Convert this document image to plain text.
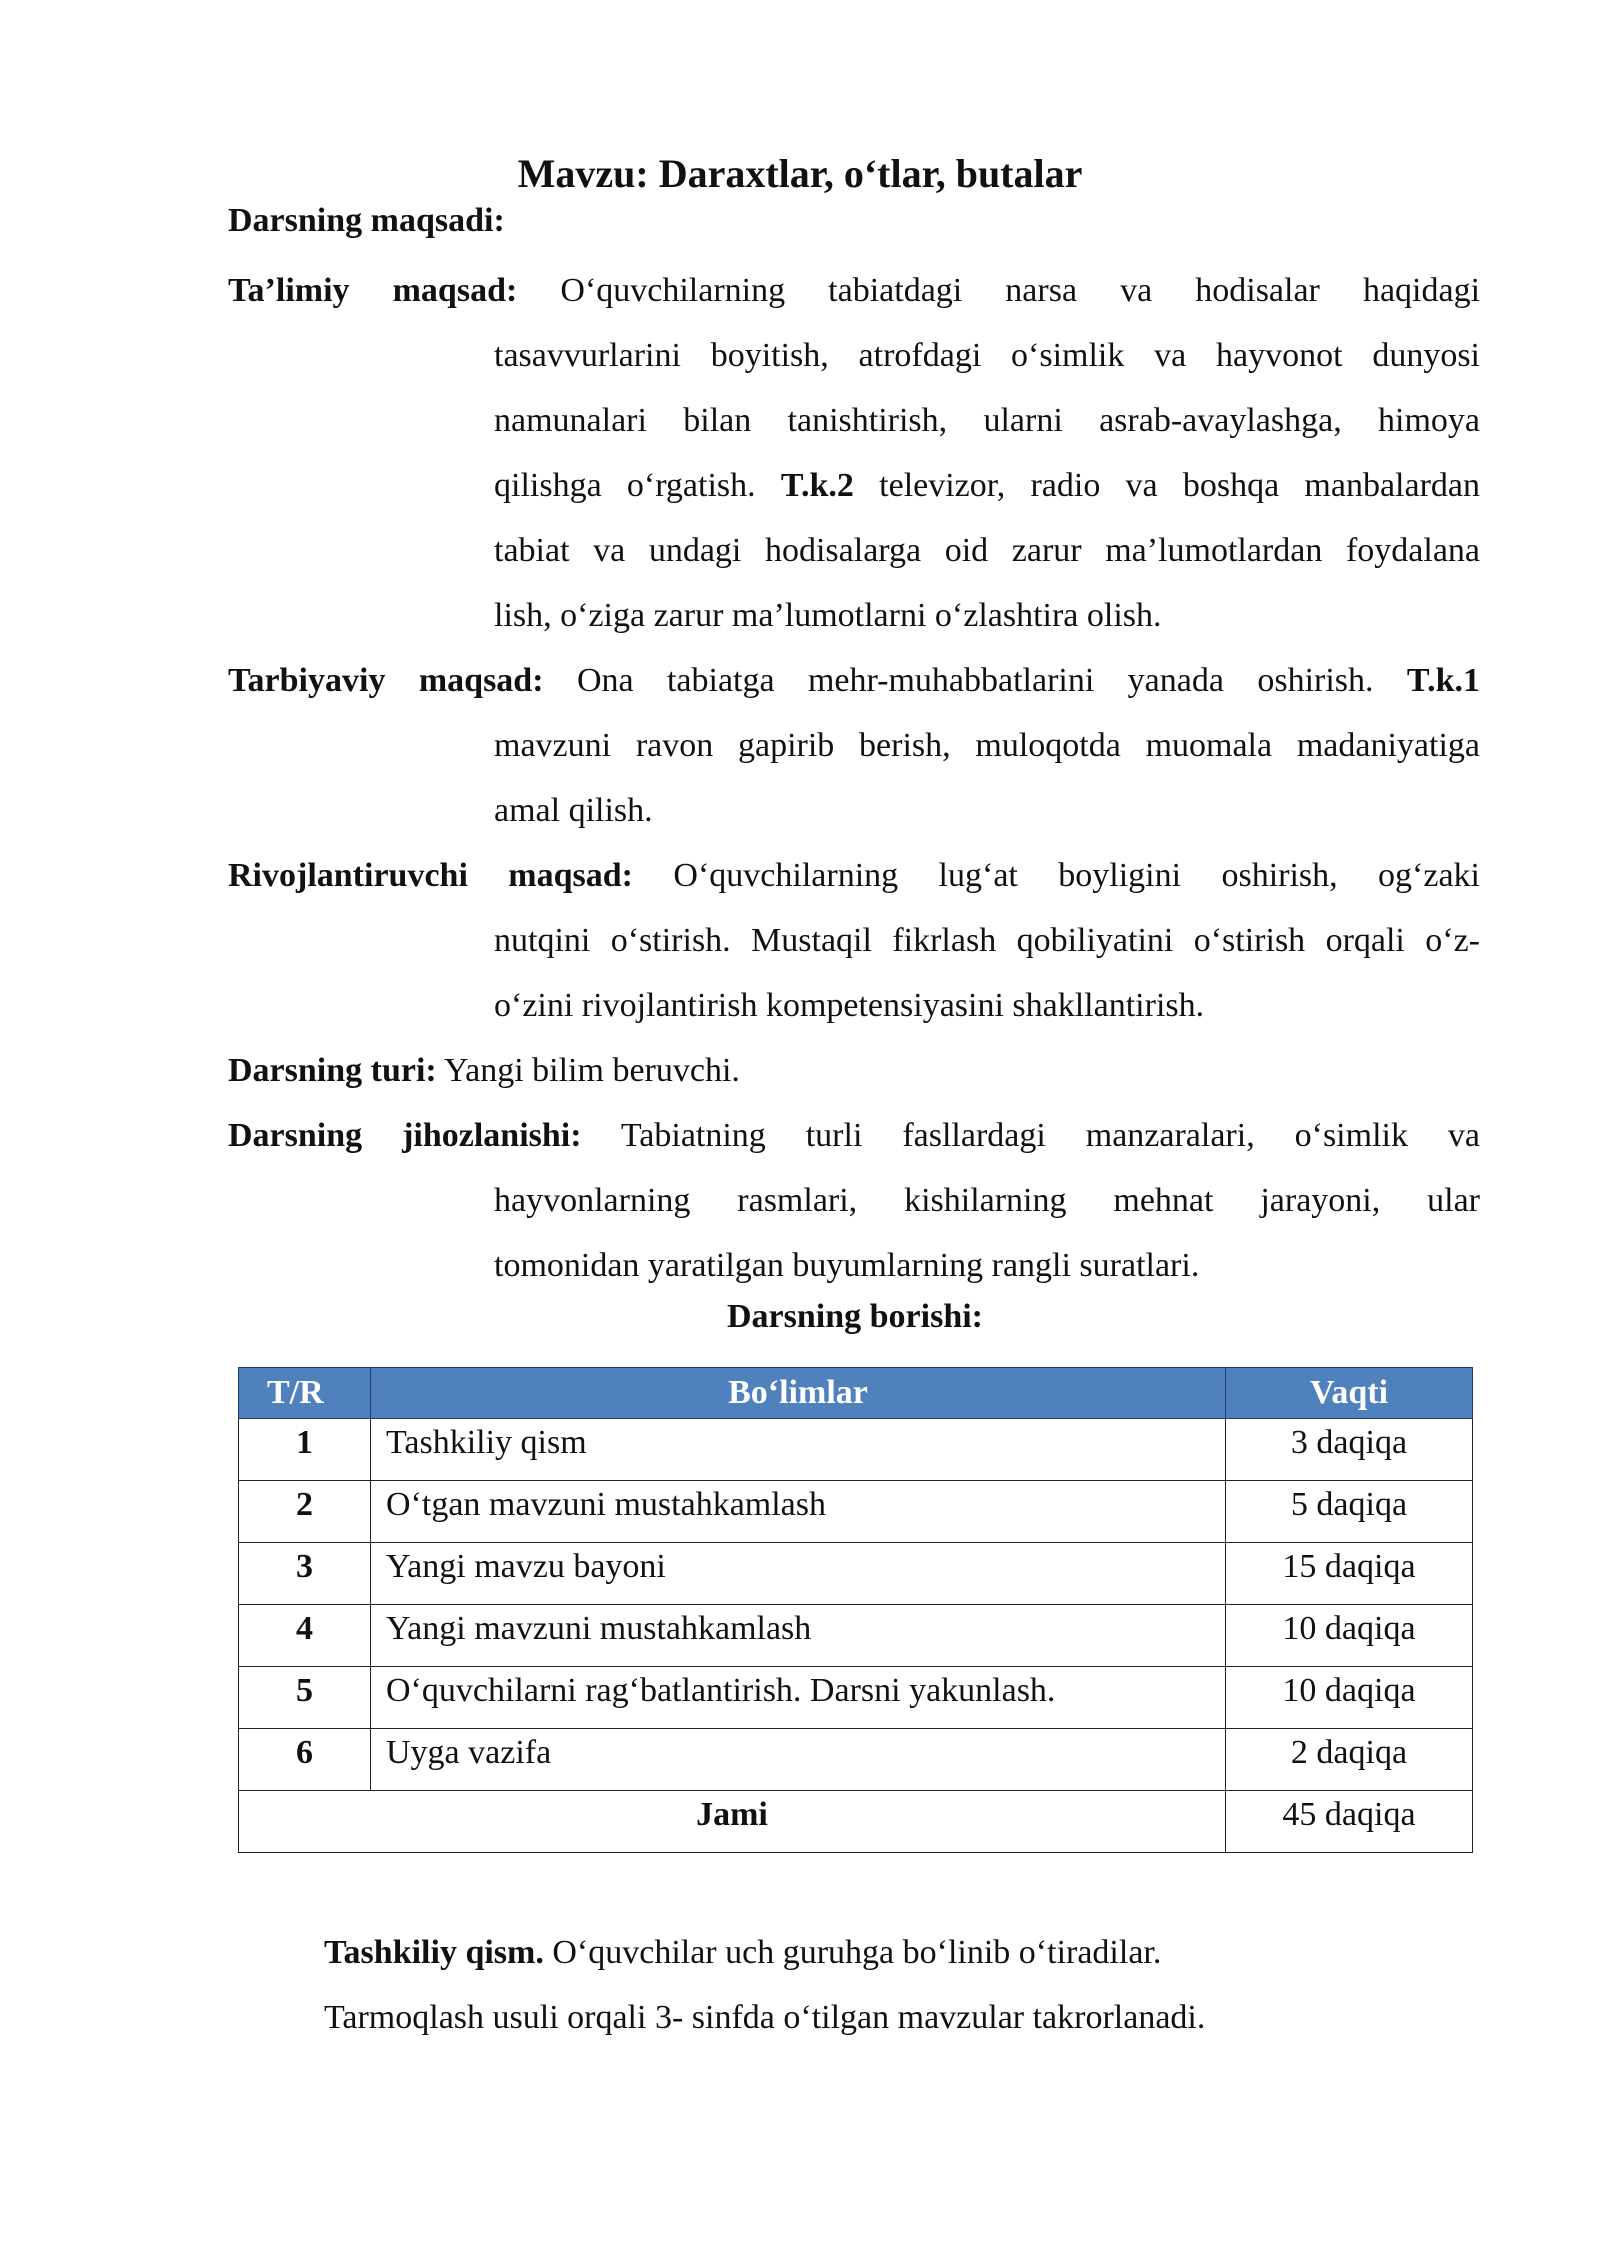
Mavzu: Daraxtlar, o‘tlar, butalar

Darsning maqsadi:

Ta’limiy maqsad: O‘quvchilarning tabiatdagi narsa va hodisalar haqidagi
tasavvurlarini boyitish, atrofdagi o‘simlik va hayvonot dunyosi
namunalari bilan tanishtirish, ularni asrab-avaylashga, himoya
qilishga o‘rgatish. T.k.2 televizor, radio va boshqa manbalardan
tabiat va undagi hodisalarga oid zarur ma’lumotlardan foydalana
lish, o‘ziga zarur ma’lumotlarni o‘zlashtira olish.
Tarbiyaviy maqsad: Ona tabiatga mehr-muhabbatlarini yanada oshirish. T.k.1
mavzuni ravon gapirib berish, muloqotda muomala madaniyatiga
amal qilish.
Rivojlantiruvchi maqsad: O‘quvchilarning lug‘at boyligini oshirish, og‘zaki
nutqini o‘stirish. Mustaqil fikrlash qobiliyatini o‘stirish orqali o‘z-
o‘zini rivojlantirish kompetensiyasini shakllantirish.
Darsning turi: Yangi bilim beruvchi.
Darsning jihozlanishi: Tabiatning turli fasllardagi manzaralari, o‘simlik va
hayvonlarning rasmlari, kishilarning mehnat jarayoni, ular
tomonidan yaratilgan buyumlarning rangli suratlari.
Darsning borishi:
T/R	Bo‘limlar	Vaqti
1	Tashkiliy qism	3 daqiqa
2	O‘tgan mavzuni mustahkamlash	5 daqiqa
3	Yangi mavzu bayoni	15 daqiqa
4	Yangi mavzuni mustahkamlash	10 daqiqa
5	O‘quvchilarni rag‘batlantirish. Darsni yakunlash.	10 daqiqa
6	Uyga vazifa	2 daqiqa
Jami		45 daqiqa
Tashkiliy qism. O‘quvchilar uch guruhga bo‘linib o‘tiradilar.
Tarmoqlash usuli orqali 3- sinfda o‘tilgan mavzular takrorlanadi.
